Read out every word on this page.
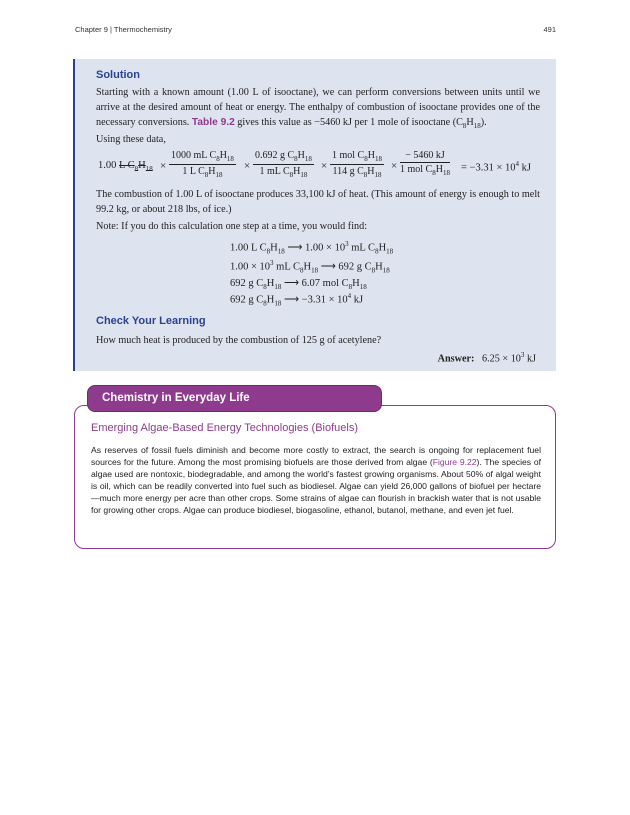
Chapter 9 | Thermochemistry	491
Solution
Starting with a known amount (1.00 L of isooctane), we can perform conversions between units until we arrive at the desired amount of heat or energy. The enthalpy of combustion of isooctane provides one of the necessary conversions. Table 9.2 gives this value as −5460 kJ per 1 mole of isooctane $(C_8H_{18})$.
Using these data,
1.00 L $C_8H_{18} \times \frac{1000 mL C_8H_{18}}{1 L C_8H_{18}} \times \frac{0.692 g C_8H_{18}}{1 mL C_8H_{18}}$ ×
1 mol $C_8H_{18}$
114 g $C_8H_{18}$
×
− 5460 kJ
1 mol $C_8H_{18} = -3.31 \times 10^4$ kJ
The combustion of 1.00 L of isooctane produces 33,100 kJ of heat. (This amount of energy is enough to melt 99.2 kg, or about 218 lbs, of ice.)
Note: If you do this calculation one step at a time, you would find:
1.00 L $C_8H_{18}$ ⟶ $1.00 \times 10^3$ mL $C_8H_{18}$
$1.00 \times 10^3$ mL $C_8H_{18}$ ⟶ 692 g $C_8H_{18}$
692 g $C_8H_{18}$ ⟶ 6.07 mol $C_8H_{18}$
692 g $C_8H_{18}$ ⟶ $-3.31 \times 10^4$ kJ
Check Your Learning
How much heat is produced by the combustion of 125 g of acetylene?
Answer: $6.25 \times 10^3$ kJ
Emerging Algae-Based Energy Technologies (Biofuels)
As reserves of fossil fuels diminish and become more costly to extract, the search is ongoing for replacement fuel sources for the future. Among the most promising biofuels are those derived from algae (Figure 9.22). The species of algae used are nontoxic, biodegradable, and among the world’s fastest growing organisms. About 50% of algal weight is oil, which can be readily converted into fuel such as biodiesel. Algae can yield 26,000 gallons of biofuel per hectare—much more energy per acre than other crops. Some strains of algae can flourish in brackish water that is not usable for growing other crops. Algae can produce biodiesel, biogasoline, ethanol, butanol, methane, and even jet fuel.
Chemistry in Everyday Life
